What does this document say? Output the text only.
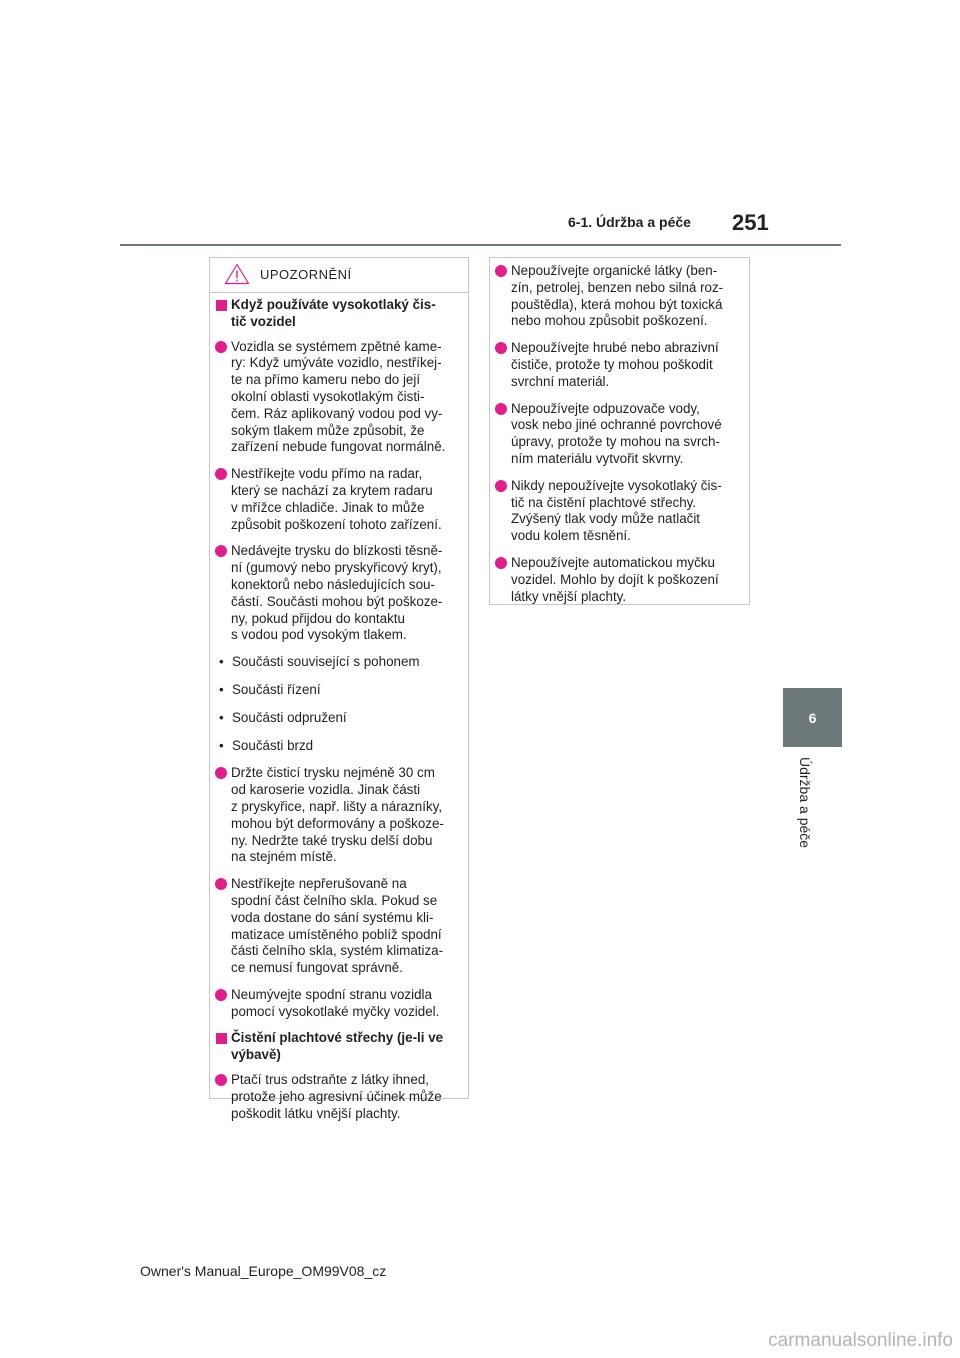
6-1. Údržba a péče 251
6
Údržba a péče
UPOZORNĚNÍ
Když používáte vysokotlaký čis-
tič vozidel
Vozidla se systémem zpětné kame-
ry: Když umýváte vozidlo, nestříkej-
te na přímo kameru nebo do její
okolní oblasti vysokotlakým čisti-
čem. Ráz aplikovaný vodou pod vy-
sokým tlakem může způsobit, že
zařízení nebude fungovat normálně.
Nestříkejte vodu přímo na radar,
který se nachází za krytem radaru
v mřížce chladiče. Jinak to může
způsobit poškození tohoto zařízení.
Nedávejte trysku do blízkosti těsně-
ní (gumový nebo pryskyřicový kryt),
konektorů nebo následujících sou-
částí. Součásti mohou být poškoze-
ny, pokud přijdou do kontaktu
s vodou pod vysokým tlakem.
• Součásti související s pohonem
• Součásti řízení
• Součásti odpružení
• Součásti brzd
Držte čisticí trysku nejméně 30 cm
od karoserie vozidla. Jinak části
z pryskyřice, např. lišty a nárazníky,
mohou být deformovány a poškoze-
ny. Nedržte také trysku delší dobu
na stejném místě.
Nestříkejte nepřerušovaně na
spodní část čelního skla. Pokud se
voda dostane do sání systému kli-
matizace umístěného poblíž spodní
části čelního skla, systém klimatiza-
ce nemusí fungovat správně.
Neumývejte spodní stranu vozidla
pomocí vysokotlaké myčky vozidel.
Čistění plachtové střechy (je-li ve
výbavě)
Ptačí trus odstraňte z látky ihned,
protože jeho agresivní účinek může
poškodit látku vnější plachty.
Nepoužívejte organické látky (ben-
zín, petrolej, benzen nebo silná roz-
pouštědla), která mohou být toxická
nebo mohou způsobit poškození.
Nepoužívejte hrubé nebo abrazivní
čističe, protože ty mohou poškodit
svrchní materiál.
Nepoužívejte odpuzovače vody,
vosk nebo jiné ochranné povrchové
úpravy, protože ty mohou na svrch-
ním materiálu vytvořit skvrny.
Nikdy nepoužívejte vysokotlaký čis-
tič na čistění plachtové střechy.
Zvýšený tlak vody může natlačit
vodu kolem těsnění.
Nepoužívejte automatickou myčku
vozidel. Mohlo by dojít k poškození
látky vnější plachty.
Owner's Manual_Europe_OM99V08_cz
carmanualsonline.info
